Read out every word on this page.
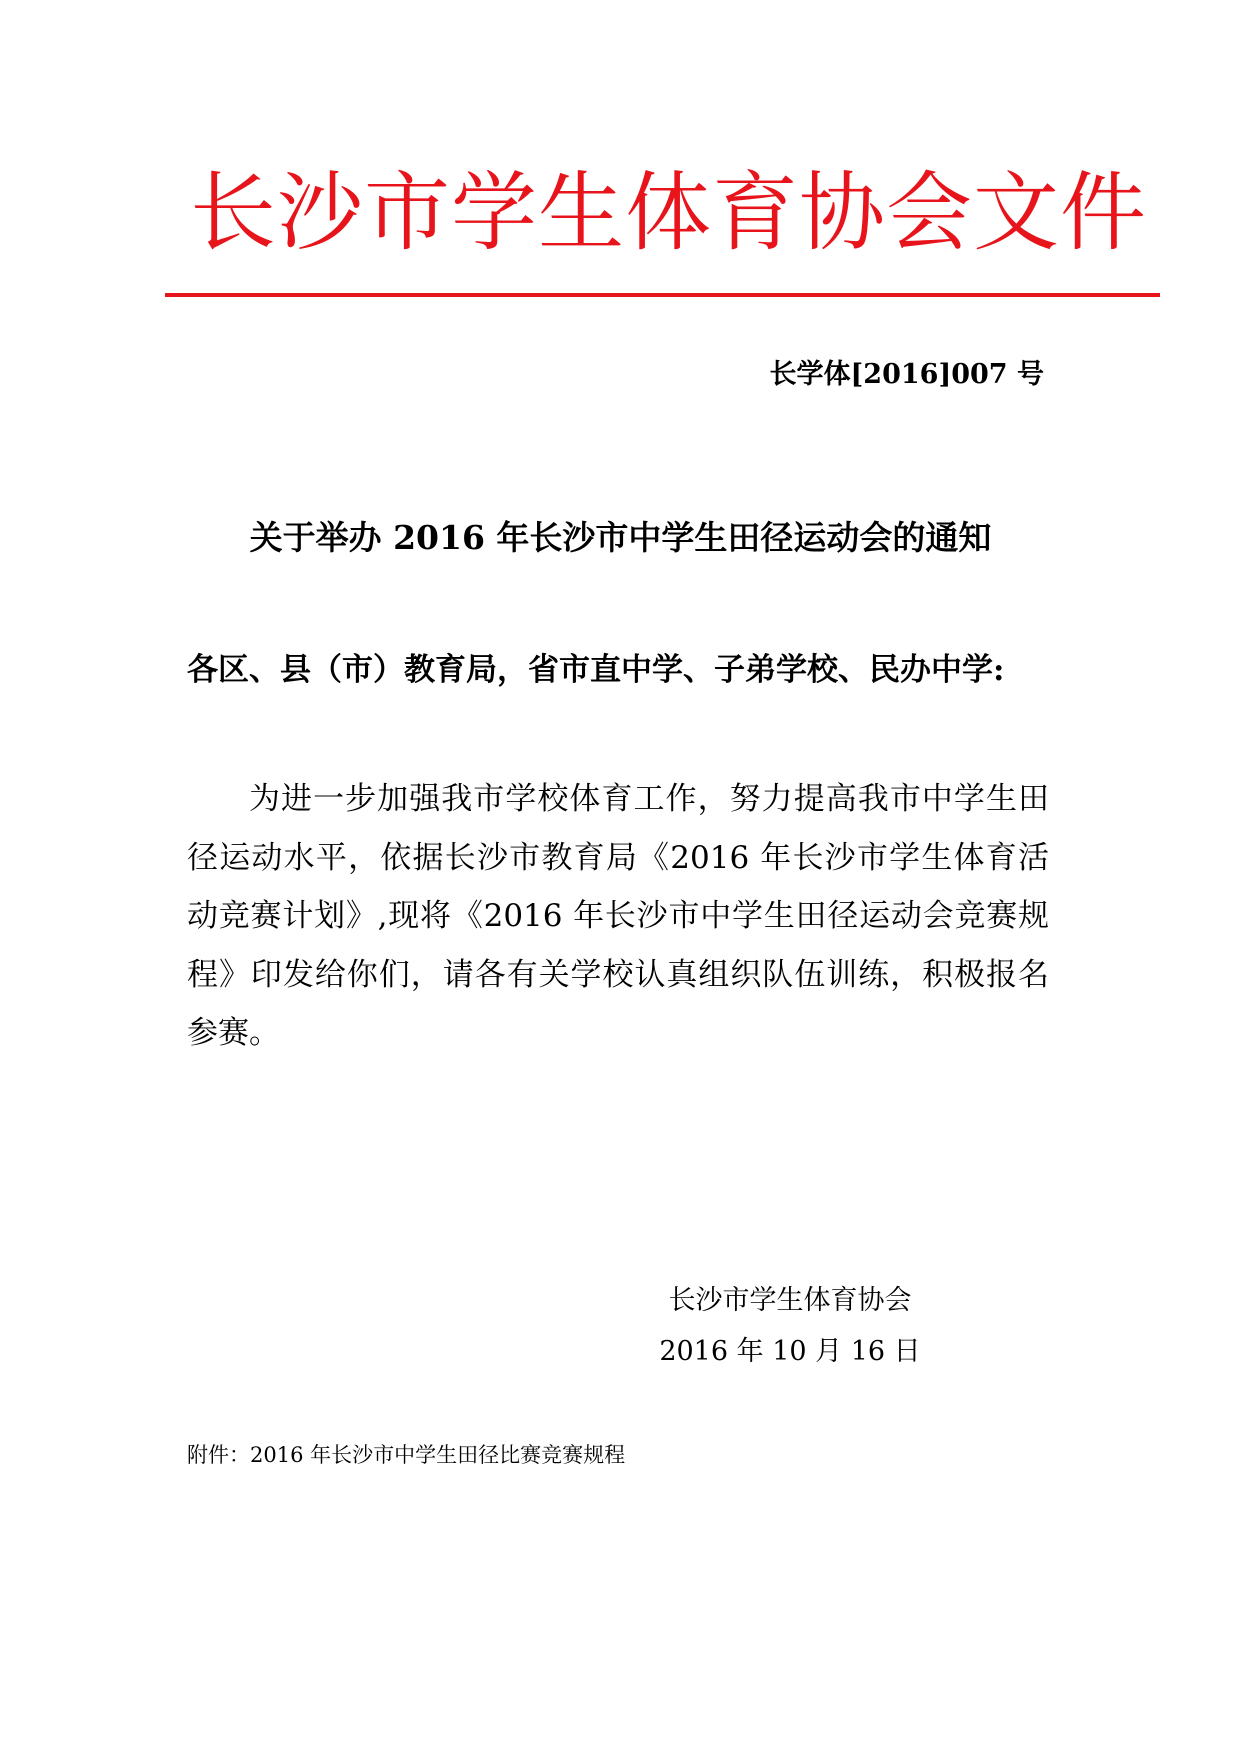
长沙市学生体育协会文件
长学体[2016]007 号
关于举办 2016 年长沙市中学生田径运动会的通知
各区、县（市）教育局，省市直中学、子弟学校、民办中学:
为进一步加强我市学校体育工作，努力提高我市中学生田径运动水平，依据长沙市教育局《2016 年长沙市学生体育活动竞赛计划》,现将《2016 年长沙市中学生田径运动会竞赛规程》印发给你们，请各有关学校认真组织队伍训练，积极报名参赛。
长沙市学生体育协会
2016 年 10 月 16 日
附件：2016 年长沙市中学生田径比赛竞赛规程
